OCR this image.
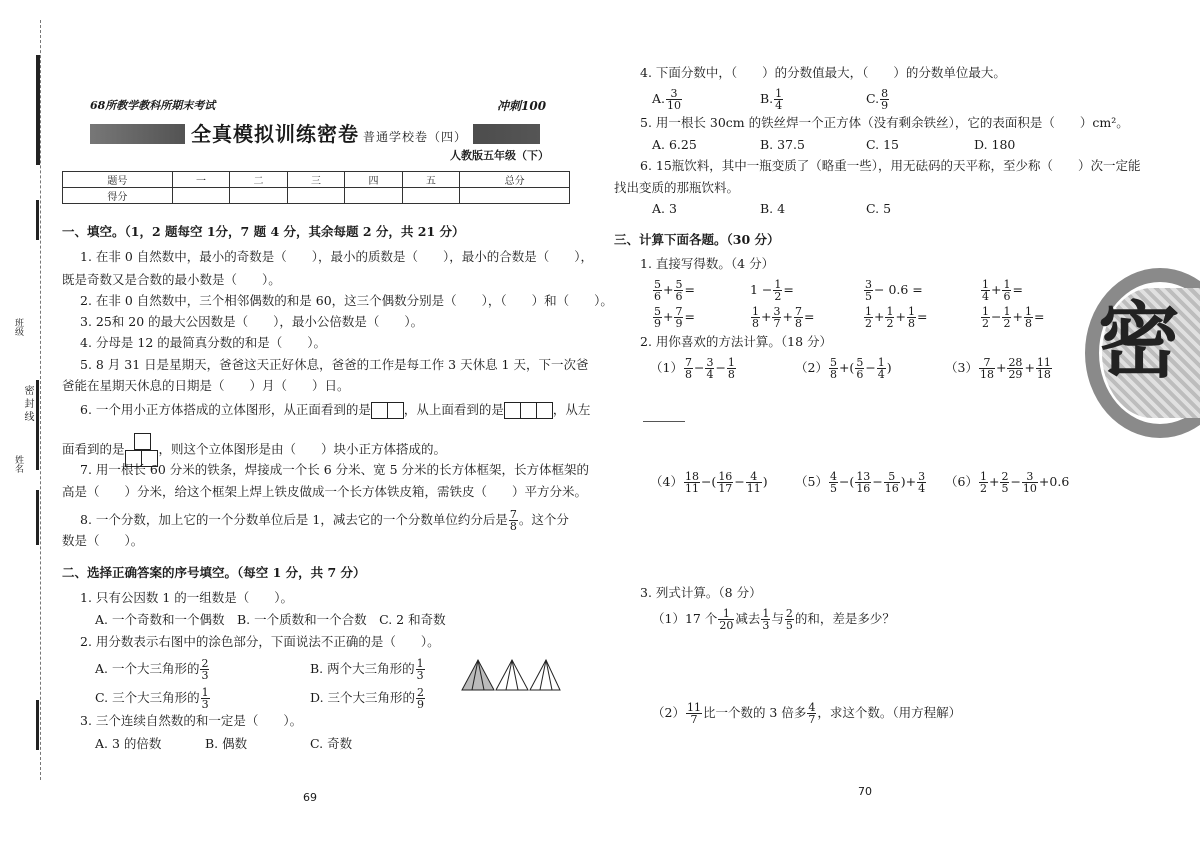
班级
姓名
密 封 线
68所教学教科所期末考试	冲刺100
全真模拟训练密卷 普通学校卷（四）
人教版五年级（下）
题号	一	二	三	四	五	总分
得分						
一、填空。（1，2 题每空 1分，7 题 4 分，其余每题 2 分，共 21 分）
1. 在非 0 自然数中，最小的奇数是（　　），最小的质数是（　　），最小的合数是（　　），
既是奇数又是合数的最小数是（　　）。
2. 在非 0 自然数中，三个相邻偶数的和是 60，这三个偶数分别是（　　），（　　）和（　　）。
3. 25和 20 的最大公因数是（　　），最小公倍数是（　　）。
4. 分母是 12 的最简真分数的和是（　　）。
5. 8 月 31 日是星期天，爸爸这天正好休息，爸爸的工作是每工作 3 天休息 1 天，下一次爸
爸能在星期天休息的日期是（　　）月（　　）日。
6. 一个用小正方体搭成的立体图形，从正面看到的是	，从上面看到的是	，从左
面看到的是	，则这个立体图形是由（　　）块小正方体搭成的。
7. 用一根长 60 分米的铁条，焊接成一个长 6 分米、宽 5 分米的长方体框架，长方体框架的
高是（　　）分米，给这个框架上焊上铁皮做成一个长方体铁皮箱，需铁皮（　　）平方分米。
8. 一个分数，加上它的一个分数单位后是 1，减去它的一个分数单位约分后是 $\frac{7}{8}$ 。这个分
数是（　　）。
二、选择正确答案的序号填空。（每空 1 分，共 7 分）
1. 只有公因数 1 的一组数是（　　）。
A. 一个奇数和一个偶数　B. 一个质数和一个合数　C. 2 和奇数
2. 用分数表示右图中的涂色部分，下面说法不正确的是（　　）。
A. 一个大三角形的 $\frac{2}{3}$	B. 两个大三角形的 $\frac{1}{3}$
C. 三个大三角形的 $\frac{1}{3}$	D. 三个大三角形的 $\frac{2}{9}$
3. 三个连续自然数的和一定是（　　）。
A. 3 的倍数	B. 偶数	C. 奇数
69
4. 下面分数中，（　　）的分数值最大，（　　）的分数单位最大。
A. $\frac{3}{10}$	B. $\frac{1}{4}$	C. $\frac{8}{9}$
5. 用一根长 30cm 的铁丝焊一个正方体（没有剩余铁丝），它的表面积是（　　）cm²。
A. 6.25	B. 37.5	C. 15	D. 180
6. 15瓶饮料，其中一瓶变质了（略重一些），用无砝码的天平称，至少称（　　）次一定能
找出变质的那瓶饮料。
A. 3	B. 4	C. 5
三、计算下面各题。（30 分）
1. 直接写得数。（4 分）
$\frac{5}{6} + \frac{5}{6}$ =	$1 - \frac{1}{2}$ =	$\frac{3}{5} - 0.6$ =	$\frac{1}{4} + \frac{1}{6}$ =
$\frac{5}{9} + \frac{7}{9}$ =	$\frac{1}{8} + \frac{3}{7} + \frac{7}{8}$ =	$\frac{1}{2} + \frac{1}{2} + \frac{1}{8}$ =	$\frac{1}{2} - \frac{1}{2} + \frac{1}{8}$ =
2. 用你喜欢的方法计算。（18 分）
$(1) \frac{7}{8} - \frac{3}{4} - \frac{1}{8}$	$(2) \frac{5}{8}$ +( $\frac{5}{6} - \frac{1}{4}$ )	$(3) \frac{7}{18} + \frac{28}{29} + \frac{11}{18}$
$(4) \frac{18}{11}$ −( $\frac{16}{17} - \frac{4}{11}$ ) $(5) \frac{4}{5}$ −( $\frac{13}{16} - \frac{5}{16}$ )+ $\frac{3}{4} (6) \frac{1}{2} + \frac{2}{5} - \frac{3}{10} +0.6$
3. 列式计算。（8 分）
（1）17 个 $\frac{1}{20}$ 减去 $\frac{1}{3}$ 与 $\frac{2}{5}$ 的和，差是多少？
$(2) \frac{11}{7}$ 比一个数的 3 倍多 $\frac{4}{7}$ ，求这个数。（用方程解）
70
密
